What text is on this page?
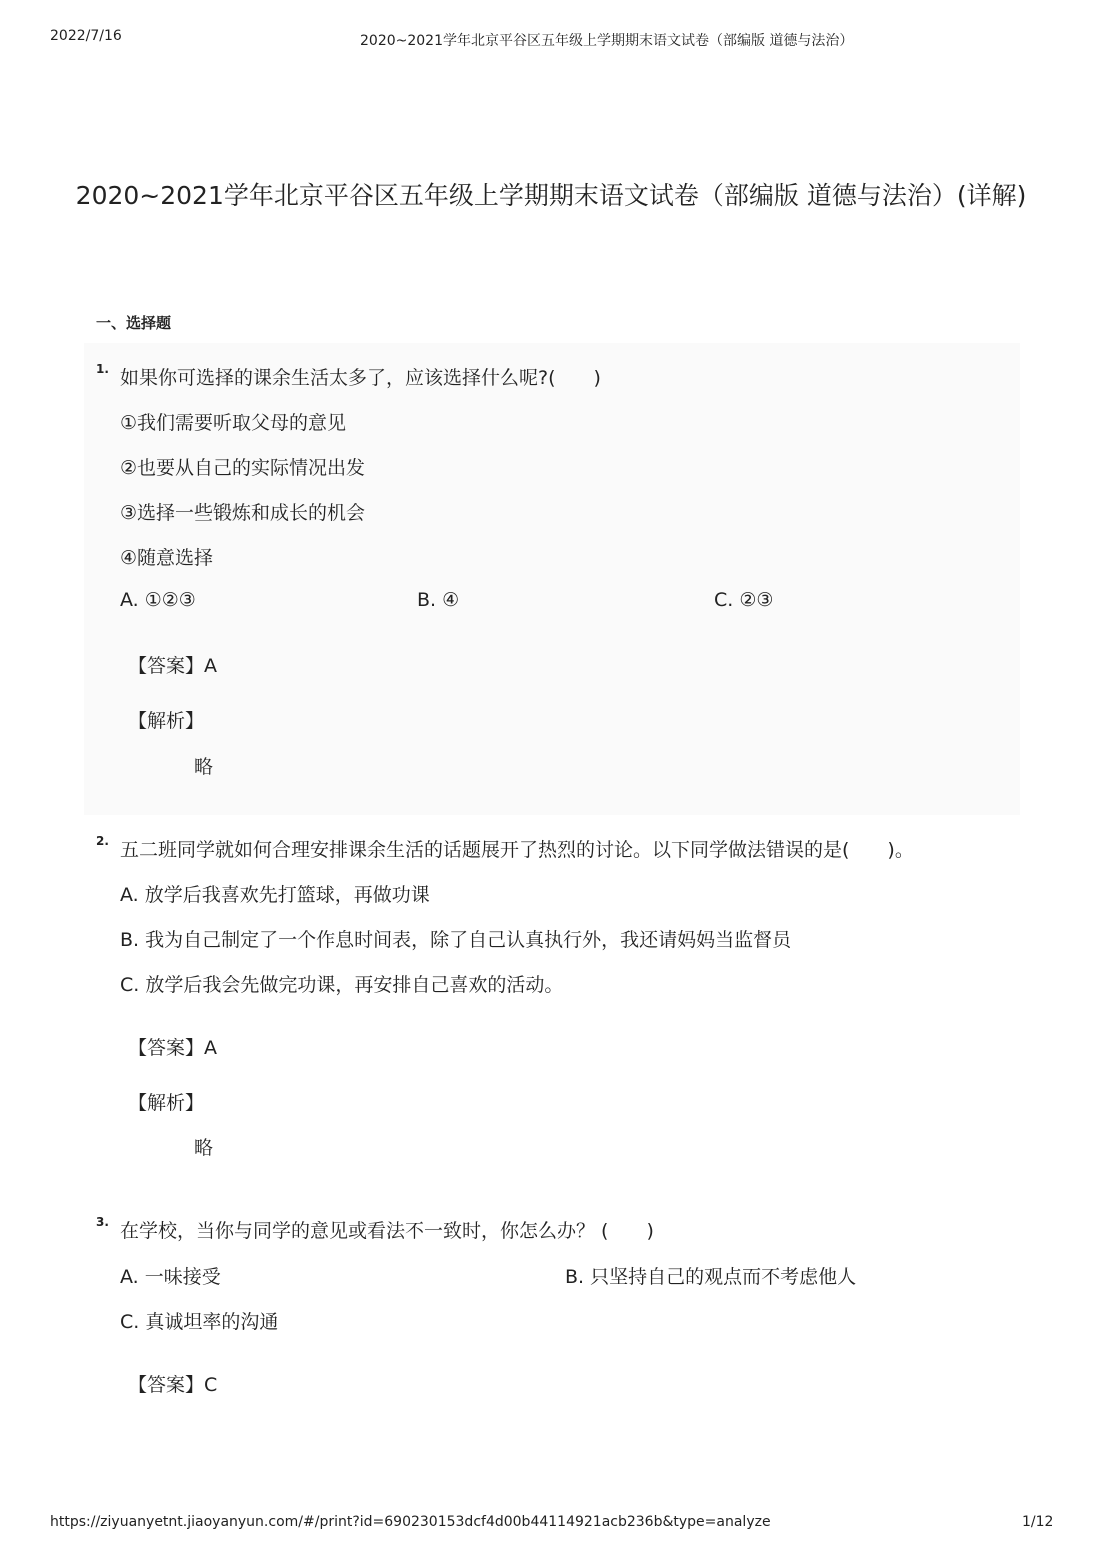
2022/7/16	2020~2021学年北京平谷区五年级上学期期末语文试卷（部编版 道德与法治）
2020~2021学年北京平谷区五年级上学期期末语文试卷（部编版 道德与法治）(详解)
一、选择题
1. 如果你可选择的课余生活太多了，应该选择什么呢?(　　)
①我们需要听取父母的意见
②也要从自己的实际情况出发
③选择一些锻炼和成长的机会
④随意选择
A. ①②③	B. ④	C. ②③
【答案】A
【解析】
略
2. 五二班同学就如何合理安排课余生活的话题展开了热烈的讨论。以下同学做法错误的是(　　)。
A. 放学后我喜欢先打篮球，再做功课
B. 我为自己制定了一个作息时间表，除了自己认真执行外，我还请妈妈当监督员
C. 放学后我会先做完功课，再安排自己喜欢的活动。
【答案】A
【解析】
略
3. 在学校，当你与同学的意见或看法不一致时，你怎么办？ (　　)
A. 一味接受	B. 只坚持自己的观点而不考虑他人
C. 真诚坦率的沟通
【答案】C
https://ziyuanyetnt.jiaoyanyun.com/#/print?id=690230153dcf4d00b44114921acb236b&type=analyze	1/12
